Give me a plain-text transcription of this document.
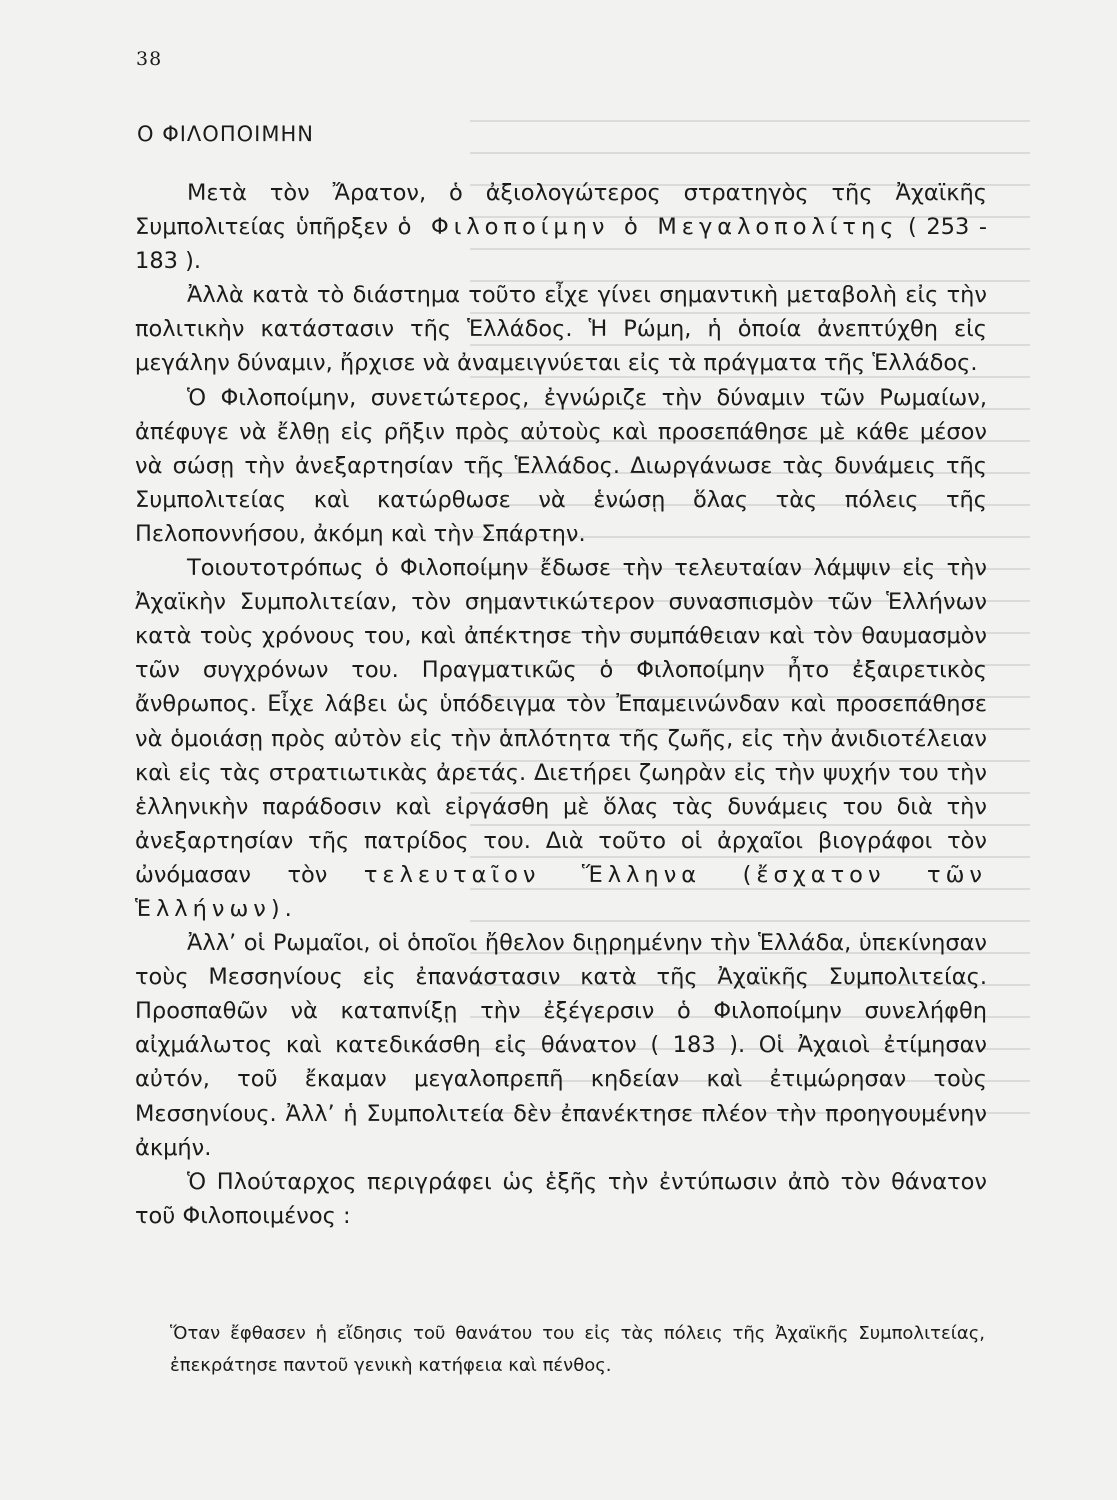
38
Ο ΦΙΛΟΠΟΙΜΗΝ

Μετὰ τὸν Ἄρατον, ὁ ἀξιολογώτερος στρατηγὸς τῆς Ἀχαϊκῆς Συμπολιτείας ὑπῆρξεν ὁ Φιλοποίμην ὁ Μεγαλοπολίτης ( 253 - 183 ).

Ἀλλὰ κατὰ τὸ διάστημα τοῦτο εἶχε γίνει σημαντικὴ μεταβολὴ εἰς τὴν πολιτικὴν κατάστασιν τῆς Ἑλλάδος. Ἡ Ρώμη, ἡ ὁποία ἀνεπτύχθη εἰς μεγάλην δύναμιν, ἤρχισε νὰ ἀναμειγνύεται εἰς τὰ πράγματα τῆς Ἑλλάδος.

Ὁ Φιλοποίμην, συνετώτερος, ἐγνώριζε τὴν δύναμιν τῶν Ρωμαίων, ἀπέφυγε νὰ ἔλθῃ εἰς ρῆξιν πρὸς αὐτοὺς καὶ προσεπάθησε μὲ κάθε μέσον νὰ σώσῃ τὴν ἀνεξαρτησίαν τῆς Ἑλλάδος. Διωργάνωσε τὰς δυνάμεις τῆς Συμπολιτείας καὶ κατώρθωσε νὰ ἑνώσῃ ὅλας τὰς πόλεις τῆς Πελοποννήσου, ἀκόμη καὶ τὴν Σπάρτην.

Τοιουτοτρόπως ὁ Φιλοποίμην ἔδωσε τὴν τελευταίαν λάμψιν εἰς τὴν Ἀχαϊκὴν Συμπολιτείαν, τὸν σημαντικώτερον συνασπισμὸν τῶν Ἑλλήνων κατὰ τοὺς χρόνους του, καὶ ἀπέκτησε τὴν συμπάθειαν καὶ τὸν θαυμασμὸν τῶν συγχρόνων του. Πραγματικῶς ὁ Φιλοποίμην ἦτο ἐξαιρετικὸς ἄνθρωπος. Εἶχε λάβει ὡς ὑπόδειγμα τὸν Ἐπαμεινώνδαν καὶ προσεπάθησε νὰ ὁμοιάσῃ πρὸς αὐτὸν εἰς τὴν ἁπλότητα τῆς ζωῆς, εἰς τὴν ἀνιδιοτέλειαν καὶ εἰς τὰς στρατιωτικὰς ἀρετάς. Διετήρει ζωηρὰν εἰς τὴν ψυχήν του τὴν ἑλληνικὴν παράδοσιν καὶ εἰργάσθη μὲ ὅλας τὰς δυνάμεις του διὰ τὴν ἀνεξαρτησίαν τῆς πατρίδος του. Διὰ τοῦτο οἱ ἀρχαῖοι βιογράφοι τὸν ὠνόμασαν τὸν τελευταῖον Ἕλληνα (ἔσχατον τῶν Ἑλλήνων).

Ἀλλ’ οἱ Ρωμαῖοι, οἱ ὁποῖοι ἤθελον διῃρημένην τὴν Ἑλλάδα, ὑπεκίνησαν τοὺς Μεσσηνίους εἰς ἐπανάστασιν κατὰ τῆς Ἀχαϊκῆς Συμπολιτείας. Προσπαθῶν νὰ καταπνίξῃ τὴν ἐξέγερσιν ὁ Φιλοποίμην συνελήφθη αἰχμάλωτος καὶ κατεδικάσθη εἰς θάνατον ( 183 ). Οἱ Ἀχαιοὶ ἐτίμησαν αὐτόν, τοῦ ἔκαμαν μεγαλοπρεπῆ κηδείαν καὶ ἐτιμώρησαν τοὺς Μεσσηνίους. Ἀλλ’ ἡ Συμπολιτεία δὲν ἐπανέκτησε πλέον τὴν προηγουμένην ἀκμήν.

Ὁ Πλούταρχος περιγράφει ὡς ἑξῆς τὴν ἐντύπωσιν ἀπὸ τὸν θάνατον τοῦ Φιλοποιμένος :

Ὅταν ἔφθασεν ἡ εἴδησις τοῦ θανάτου του εἰς τὰς πόλεις τῆς Ἀχαϊκῆς Συμπολιτείας, ἐπεκράτησε παντοῦ γενικὴ κατήφεια καὶ πένθος.
